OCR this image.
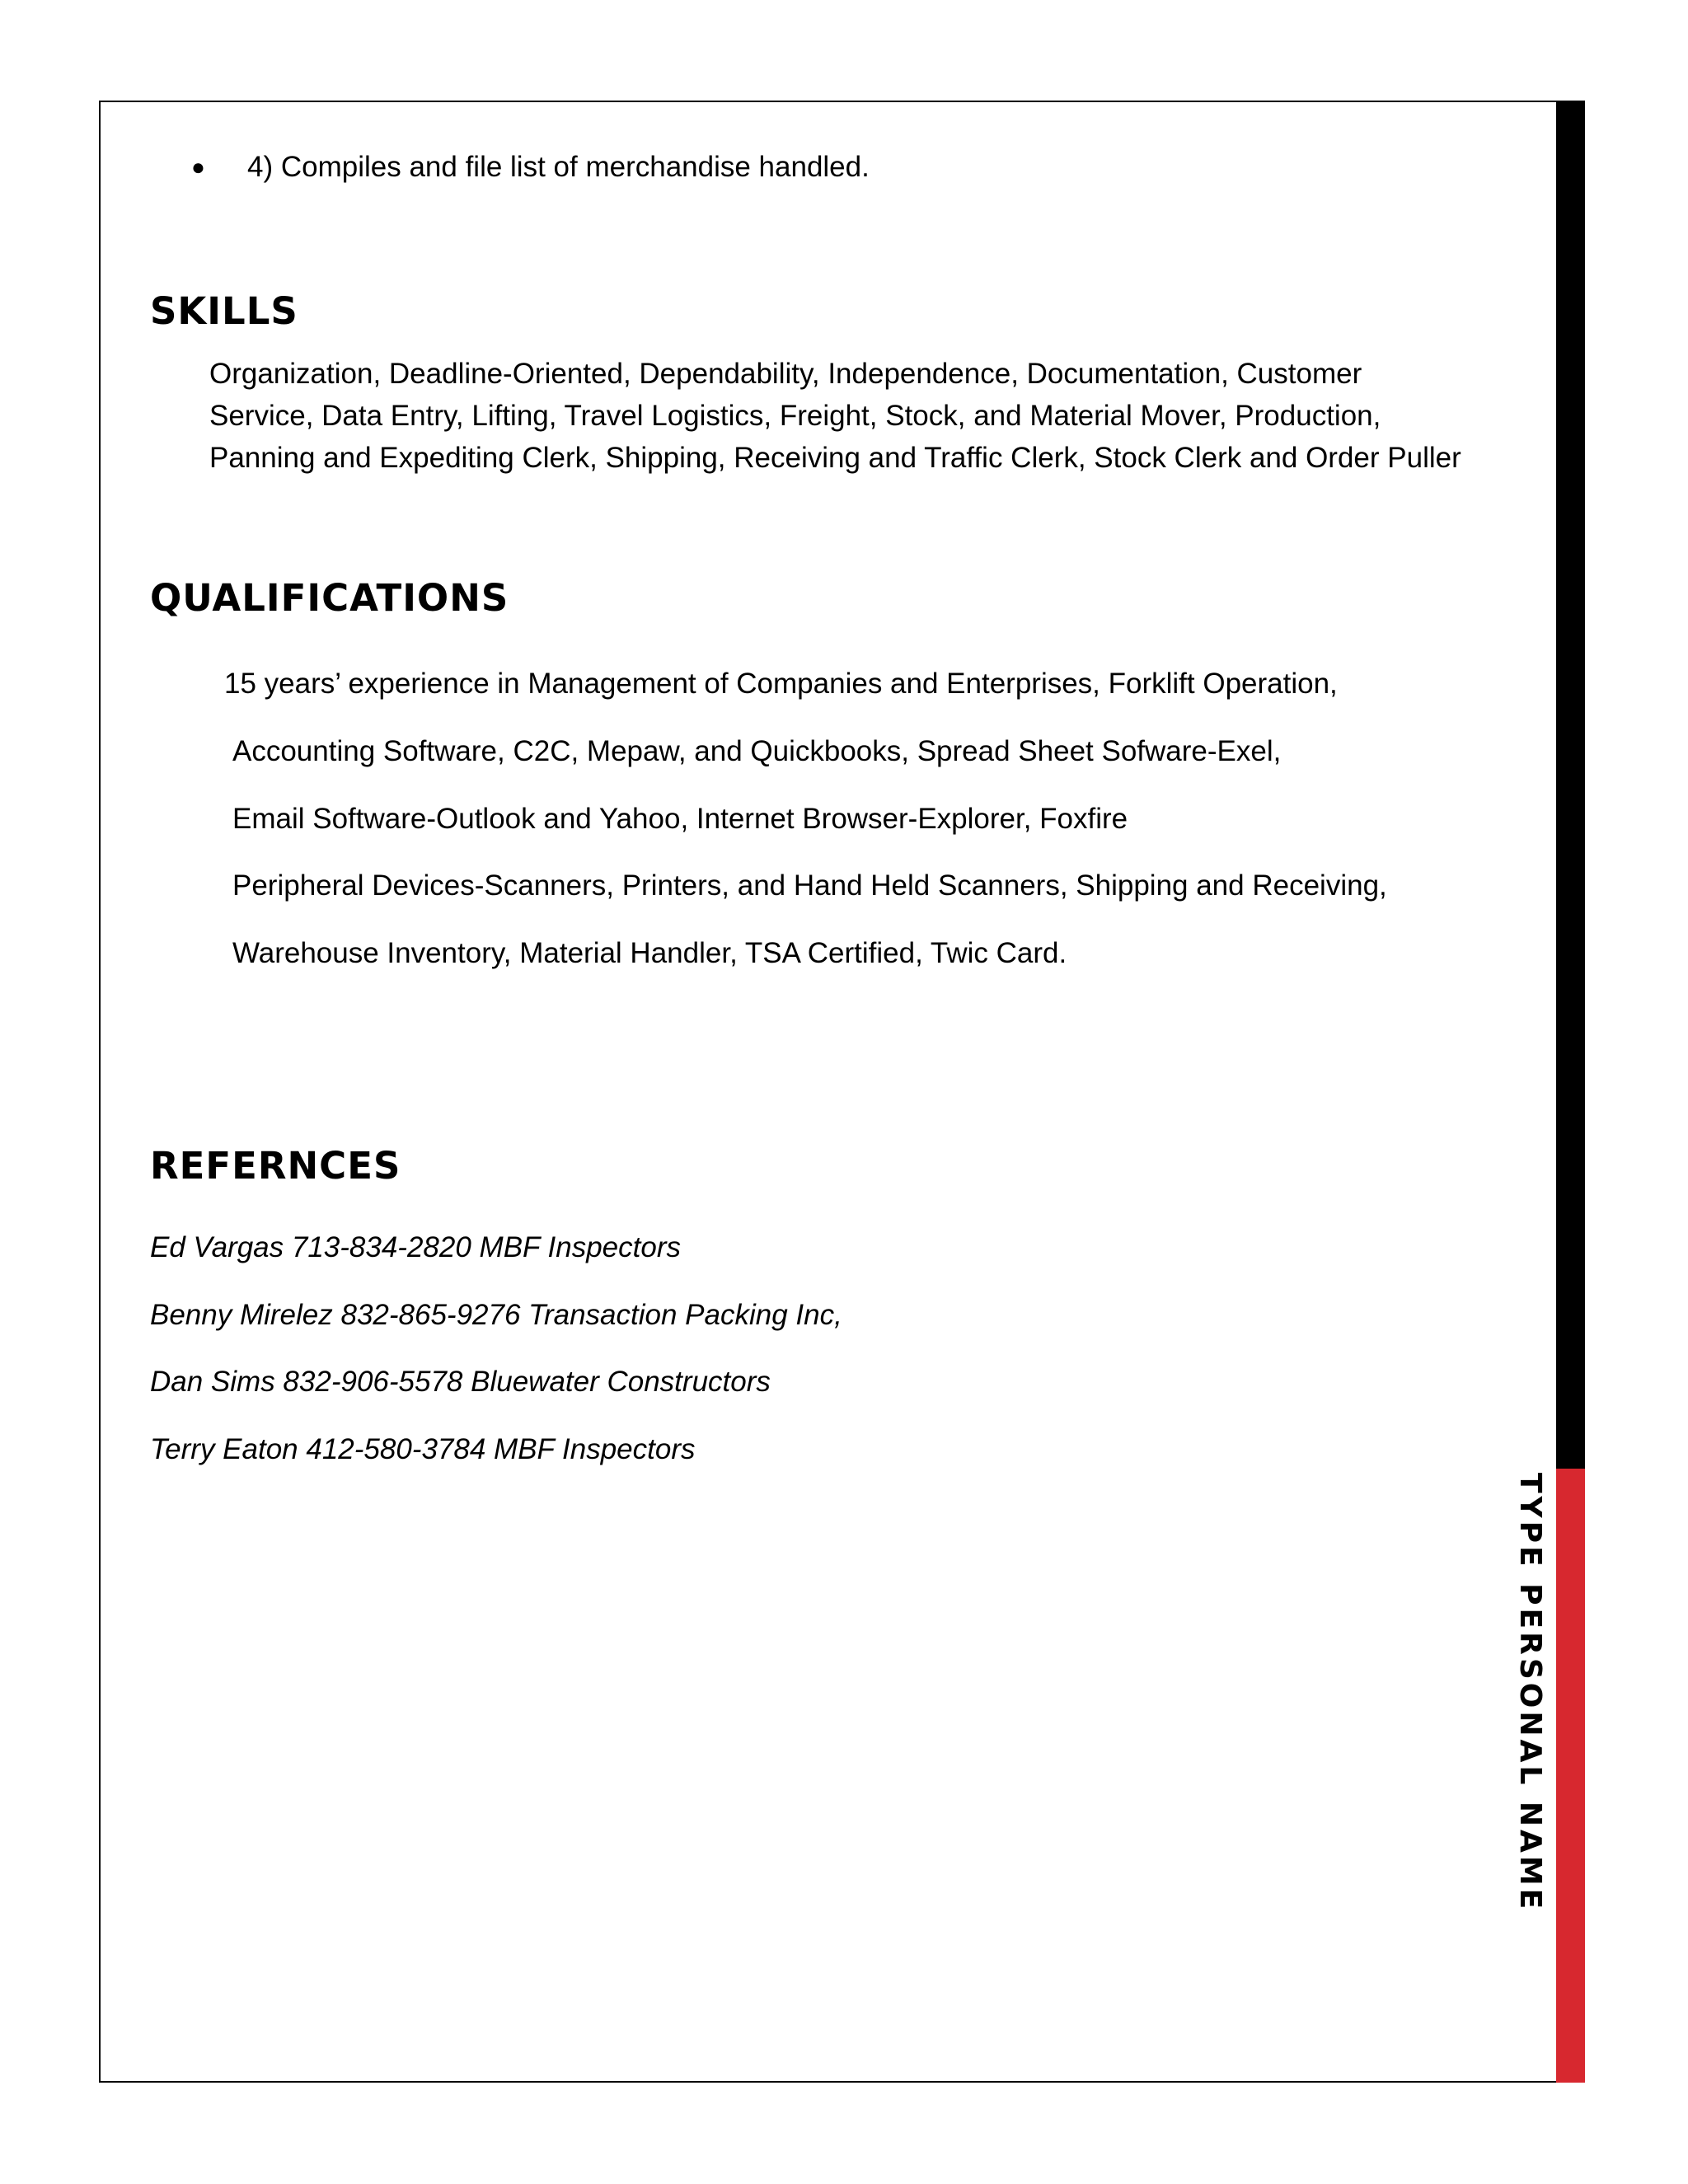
TYPE PERSONAL NAME
● 4) Compiles and file list of merchandise handled.
SKILLS
Organization, Deadline-Oriented, Dependability, Independence, Documentation, Customer
Service, Data Entry, Lifting, Travel Logistics, Freight, Stock, and Material Mover, Production,
Panning and Expediting Clerk, Shipping, Receiving and Traffic Clerk, Stock Clerk and Order Puller
QUALIFICATIONS
15 years’ experience in Management of Companies and Enterprises, Forklift Operation,
Accounting Software, C2C, Mepaw, and Quickbooks, Spread Sheet Sofware-Exel,
Email Software-Outlook and Yahoo, Internet Browser-Explorer, Foxfire
Peripheral Devices-Scanners, Printers, and Hand Held Scanners, Shipping and Receiving,
Warehouse Inventory, Material Handler, TSA Certified, Twic Card.
REFERNCES
Ed Vargas 713-834-2820 MBF Inspectors
Benny Mirelez 832-865-9276 Transaction Packing Inc,
Dan Sims 832-906-5578 Bluewater Constructors
Terry Eaton 412-580-3784 MBF Inspectors
